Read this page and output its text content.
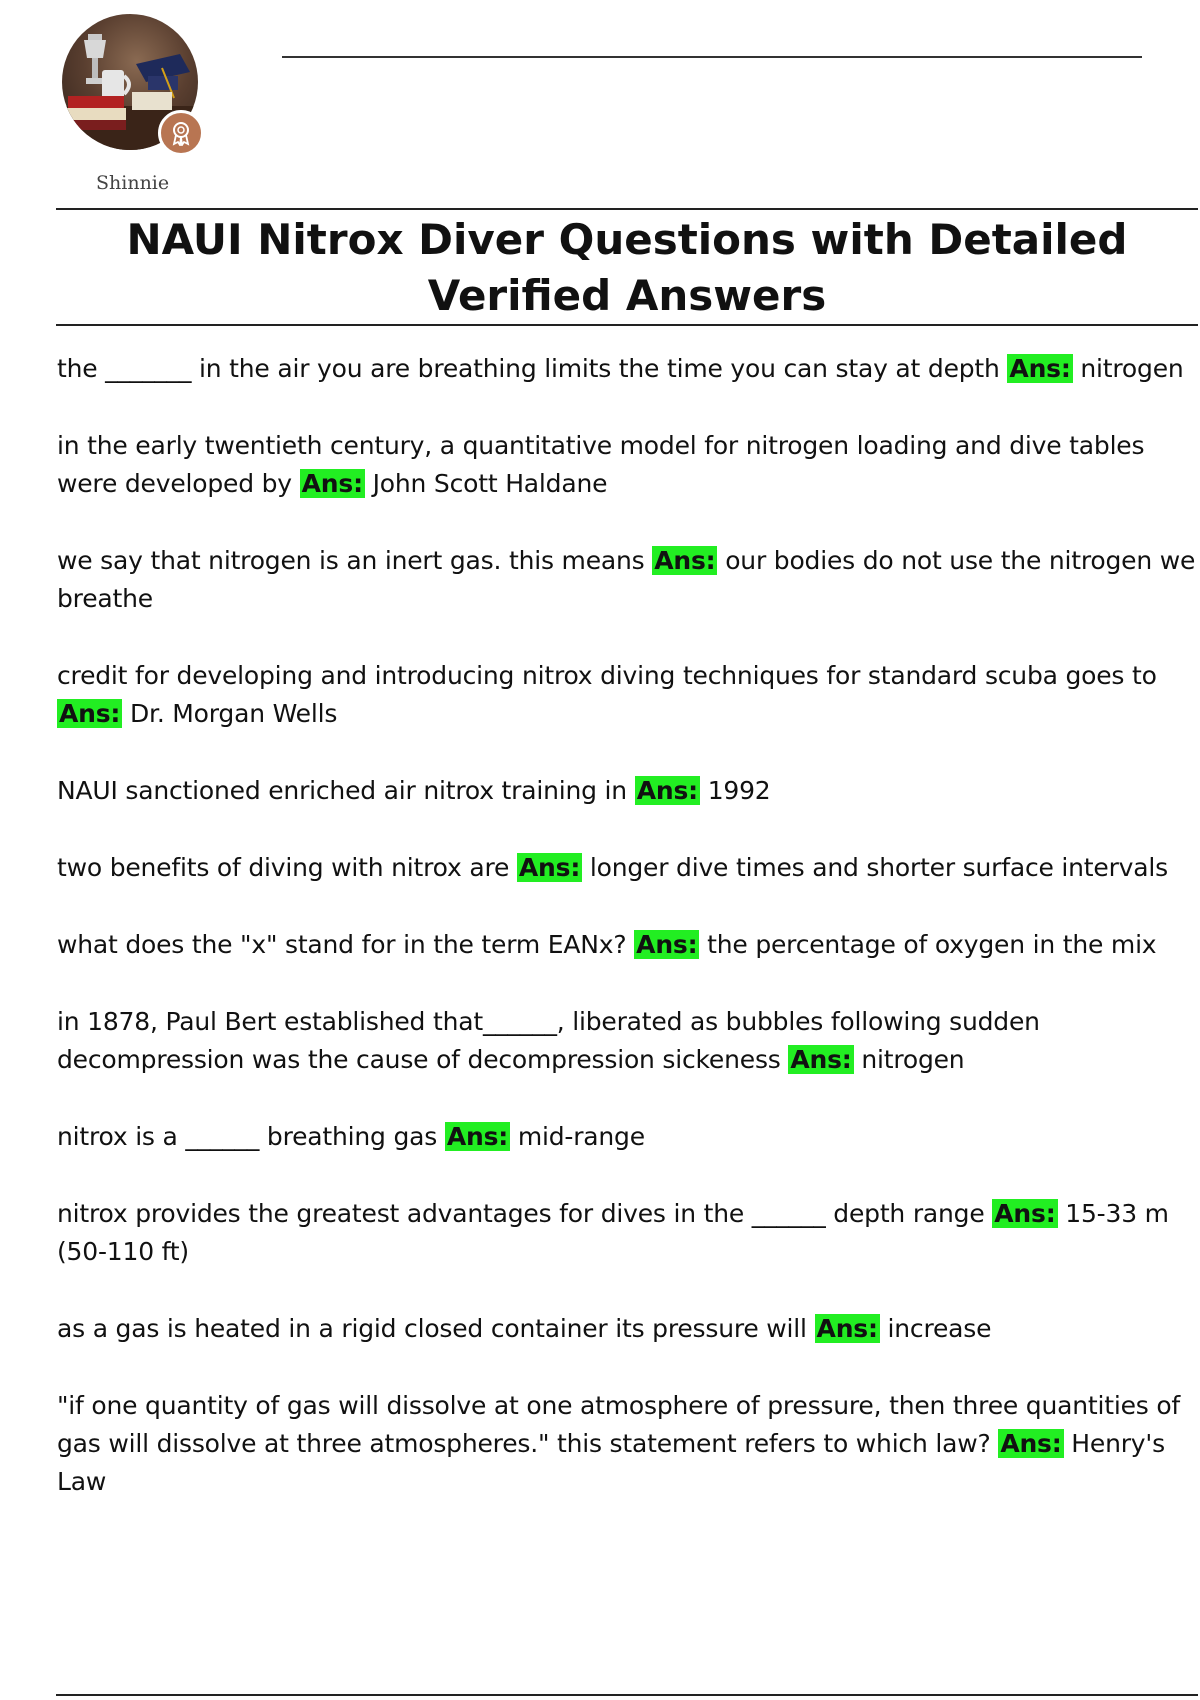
Shinnie
NAUI Nitrox Diver Questions with Detailed Verified Answers
the _______ in the air you are breathing limits the time you can stay at depth Ans: nitrogen
in the early twentieth century, a quantitative model for nitrogen loading and dive tables were developed by Ans: John Scott Haldane
we say that nitrogen is an inert gas. this means Ans: our bodies do not use the nitrogen we breathe
credit for developing and introducing nitrox diving techniques for standard scuba goes to Ans: Dr. Morgan Wells
NAUI sanctioned enriched air nitrox training in Ans: 1992
two benefits of diving with nitrox are Ans: longer dive times and shorter surface intervals
what does the "x" stand for in the term EANx? Ans: the percentage of oxygen in the mix
in 1878, Paul Bert established that______, liberated as bubbles following sudden decompression was the cause of decompression sickeness Ans: nitrogen
nitrox is a ______ breathing gas Ans: mid-range
nitrox provides the greatest advantages for dives in the ______ depth range Ans: 15-33 m (50-110 ft)
as a gas is heated in a rigid closed container its pressure will Ans: increase
"if one quantity of gas will dissolve at one atmosphere of pressure, then three quantities of gas will dissolve at three atmospheres." this statement refers to which law? Ans: Henry's Law
